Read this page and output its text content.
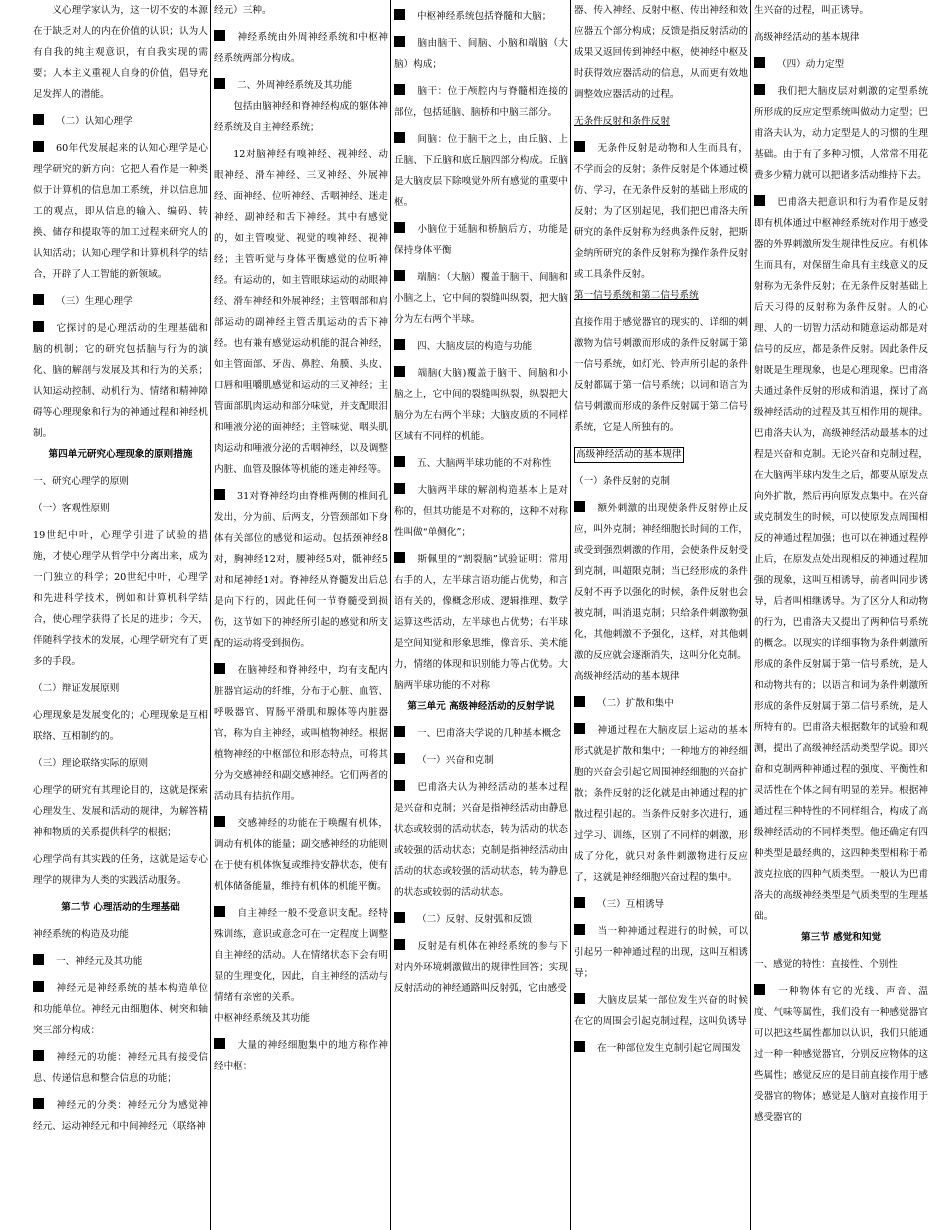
义心理学家认为，这一切不安的本源在于缺乏对人的内在价值的认识；认为人有自我的纯主观意识，有自我实现的需要；人本主义重视人自身的价值，倡导充足发挥人的潜能。
（二）认知心理学
60年代发展起来的认知心理学是心理学研究的新方向：它把人看作是一种类似于计算机的信息加工系统，并以信息加工的观点，即从信息的输入、编码、转换、储存和提取等的加工过程来研究人的认知活动；认知心理学和计算机科学的结合，开辟了人工智能的新领域。
（三）生理心理学
它探讨的是心理活动的生理基础和脑的机制；它的研究包括脑与行为的演化、脑的解剖与发展及其和行为的关系；认知运动控制、动机行为、情绪和精神障碍等心理现象和行为的神通过程和神经机制。
第四单元研究心理现象的原则措施
一、研究心理学的原则
（一）客观性原则
19世纪中叶，心理学引进了试验的措施，才使心理学从哲学中分离出来，成为一门独立的科学；20世纪中叶，心理学和先进科学技术，例如和计算机科学结合，使心理学获得了长足的进步；今天，伴随科学技术的发展，心理学研究有了更多的手段。
（二）辩证发展原则
心理现象是发展变化的；心理现象是互相联络、互相制约的。
（三）理论联络实际的原则
心理学的研究有其理论目的，这就是探索心理发生、发展和活动的规律，为解答精神和物质的关系提供科学的根据；
心理学尚有其实践的任务，这就是运专心理学的规律为人类的实践活动服务。
第二节 心理活动的生理基础
神经系统的构造及功能
一、神经元及其功能
神经元是神经系统的基本构造单位和功能单位。神经元由细胞体、树突和轴突三部分构成：
神经元的功能：神经元具有接受信息、传递信息和整合信息的功能；
神经元的分类：神经元分为感觉神经元、运动神经元和中间神经元（联络神
经元）三种。
神经系统由外周神经系统和中枢神经系统两部分构成。
二、外周神经系统及其功能
包括由脑神经和脊神经构成的躯体神经系统及自主神经系统；
12对脑神经有嗅神经、视神经、动眼神经、滑车神经、三叉神经、外展神经、面神经、位听神经、舌咽神经、迷走神经、副神经和舌下神经。其中有感觉的，如主管嗅觉、视觉的嗅神经、视神经；主管听觉与身体平衡感觉的位听神经。有运动的，如主管眼球运动的动眼神经、滑车神经和外展神经；主管咽部和肩部运动的副神经主管舌肌运动的舌下神经。也有兼有感觉运动机能的混合神经，如主管面部、牙齿、鼻腔、角膜、头皮、口唇和咀嚼肌感觉和运动的三叉神经；主管面部肌肉运动和部分味觉，并支配眼泪和唾液分泌的面神经；主管味觉、咽头肌肉运动和唾液分泌的舌咽神经，以及调整内脏、血管及腺体等机能的迷走神经等。
31对脊神经均由脊椎两侧的椎间孔发出，分为前、后两支，分管颈部如下身体有关部位的感觉和运动。包括颈神经8对，胸神经12对，腰神经5对，骶神经5对和尾神经1对。脊神经从脊髓发出后总是向下行的，因此任何一节脊髓受到损伤，这节如下的神经所引起的感觉和所支配的运动将受到损伤。
在脑神经和脊神经中，均有支配内脏器官运动的纤维，分布于心脏、血管、呼吸器官、胃肠平滑肌和腺体等内脏器官，称为自主神经，或叫植物神经。根据植物神经的中枢部位和形态特点，可将其分为交感神经和副交感神经。它们两者的活动具有拮抗作用。
交感神经的功能在于唤醒有机体，调动有机体的能量；副交感神经的功能则在于使有机体恢复或维持安静状态，使有机体储备能量，维持有机体的机能平衡。
自主神经一般不受意识支配。经特殊训练，意识或意念可在一定程度上调整自主神经的活动。人在情绪状态下会有明显的生理变化，因此，自主神经的活动与情绪有亲密的关系。
中枢神经系统及其功能
大量的神经细胞集中的地方称作神经中枢：
中枢神经系统包括脊髓和大脑；
脑由脑干、间脑、小脑和端脑（大脑）构成；
脑干：位于颅腔内与脊髓相连接的部位，包括延脑、脑桥和中脑三部分。
间脑：位于脑干之上，由丘脑、上丘脑、下丘脑和底丘脑四部分构成。丘脑是大脑皮层下除嗅觉外所有感觉的重要中枢。
小脑位于延脑和桥脑后方，功能是保持身体平衡
端脑：（大脑）覆盖于脑干、间脑和小脑之上，它中间的裂缝叫纵裂，把大脑分为左右两个半球。
四、大脑皮层的构造与功能
端脑(大脑)覆盖于脑干、间脑和小脑之上，它中间的裂缝叫纵裂，纵裂把大脑分为左右两个半球；大脑皮质的不同样区域有不同样的机能。
五、大脑两半球功能的不对称性
大脑两半球的解剖构造基本上是对称的，但其功能是不对称的，这种不对称性叫做“单侧化”；
斯佩里的“割裂脑”试验证明：常用右手的人，左半球言语功能占优势，和言语有关的，像概念形成、逻辑推理、数学运算这些活动，左半球也占优势；右半球是空间知觉和形象思维，像音乐、美术能力，情绪的体现和识别能力等占优势。大脑两半球功能的不对称
第三单元 高级神经活动的反射学说
一、巴甫洛夫学说的几种基本概念
（一）兴奋和克制
巴甫洛夫认为神经活动的基本过程是兴奋和克制；兴奋是指神经活动由静息状态或较弱的活动状态，转为活动的状态或较强的活动状态；克制是指神经活动由活动的状态或较强的活动状态，转为静息的状态或较弱的活动状态。
（二）反射、反射弧和反馈
反射是有机体在神经系统的参与下对内外环境刺激做出的规律性回答；实现反射活动的神经通路叫反射弧，它由感受
器、传入神经、反射中枢、传出神经和效应器五个部分构成；反馈是指反射活动的成果又返回传到神经中枢，使神经中枢及时获得效应器活动的信息，从而更有效地调整效应器活动的过程。
无条件反射和条件反射
无条件反射是动物和人生而具有，不学而会的反射；条件反射是个体通过模仿、学习，在无条件反射的基础上形成的反射；为了区别起见，我们把巴甫洛夫所研究的条件反射称为经典条件反射，把斯金纳所研究的条件反射称为操作条件反射或工具条件反射。
第一信号系统和第二信号系统
直接作用于感觉器官的现实的、详细的刺激物为信号刺激而形成的条件反射属于第一信号系统，如灯光、铃声所引起的条件反射都属于第一信号系统；以词和语言为信号刺激而形成的条件反射属于第二信号系统，它是人所独有的。
高级神经活动的基本规律
（一）条件反射的克制
额外刺激的出现使条件反射停止反应，叫外克制；神经细胞长时间的工作，或受到强烈刺激的作用，会使条件反射受到克制，叫超限克制；当已经形成的条件反射不再予以强化的时候，条件反射也会被克制，叫消退克制；只给条件刺激物强化，其他刺激不予强化，这样，对其他刺激的反应就会逐渐消失，这叫分化克制。
高级神经活动的基本规律
（二）扩散和集中
神通过程在大脑皮层上运动的基本形式就是扩散和集中；一种地方的神经细胞的兴奋会引起它周围神经细胞的兴奋扩散；条件反射的泛化就是由神通过程的扩散过程引起的。当条件反射多次进行，通过学习、训练，区别了不同样的刺激，形成了分化，就只对条件刺激物进行反应了，这就是神经细胞兴奋过程的集中。
（三）互相诱导
当一种神通过程进行的时候，可以引起另一种神通过程的出现，这叫互相诱导；
大脑皮层某一部位发生兴奋的时候在它的周围会引起克制过程，这叫负诱导
在一种部位发生克制引起它周围发
生兴奋的过程，叫正诱导。
高级神经活动的基本规律
（四）动力定型
我们把大脑皮层对刺激的定型系统所形成的反应定型系统叫做动力定型；巴甫洛夫认为，动力定型是人的习惯的生理基础。由于有了多种习惯，人常常不用花费多少精力就可以把诸多活动维持下去。
巴甫洛夫把意识和行为看作是反射即有机体通过中枢神经系统对作用于感受器的外界刺激所发生规律性反应。有机体生而具有，对保留生命具有主线意义的反射称为无条件反射；在无条件反射基础上后天习得的反射称为条件反射。人的心理、人的一切智力活动和随意运动都是对信号的反应，都是条件反射。因此条件反射既是生理现象，也是心理现象。巴甫洛夫通过条件反射的形成和消退，探讨了高级神经活动的过程及其互相作用的规律。巴甫洛夫认为，高级神经活动最基本的过程是兴奋和克制。无论兴奋和克制过程，在大脑两半球内发生之后，都要从原发点向外扩散，然后再向原发点集中。在兴奋或克制发生的时候，可以使原发点周围相反的神通过程加强；也可以在神通过程停止后，在原发点处出现相反的神通过程加强的现象，这叫互相诱导，前者叫同步诱导，后者叫相继诱导。为了区分人和动物的行为，巴甫洛夫又提出了两种信号系统的概念。以现实的详细事物为条件刺激所形成的条件反射属于第一信号系统，是人和动物共有的；以语言和词为条件刺激所形成的条件反射属于第二信号系统，是人所特有的。巴甫洛夫根据数年的试验和观测，提出了高级神经活动类型学说。即兴奋和克制两种神通过程的强度、平衡性和灵活性在个体之间有明显的差异。根据神通过程三种特性的不同样组合，构成了高级神经活动的不同样类型。他还确定有四种类型是最经典的，这四种类型相称于希波克拉底的四种气质类型。一般认为巴甫洛夫的高级神经类型是气质类型的生理基础。
第三节 感觉和知觉
一、感觉的特性：直接性、个别性
一种物体有它的光线、声音、温度、气味等属性，我们没有一种感觉器官可以把这些属性都加以认识，我们只能通过一种一种感觉器官，分别反应物体的这些属性；感觉反应的是目前直接作用于感受器官的物体；感觉是人脑对直接作用于感受器官的
